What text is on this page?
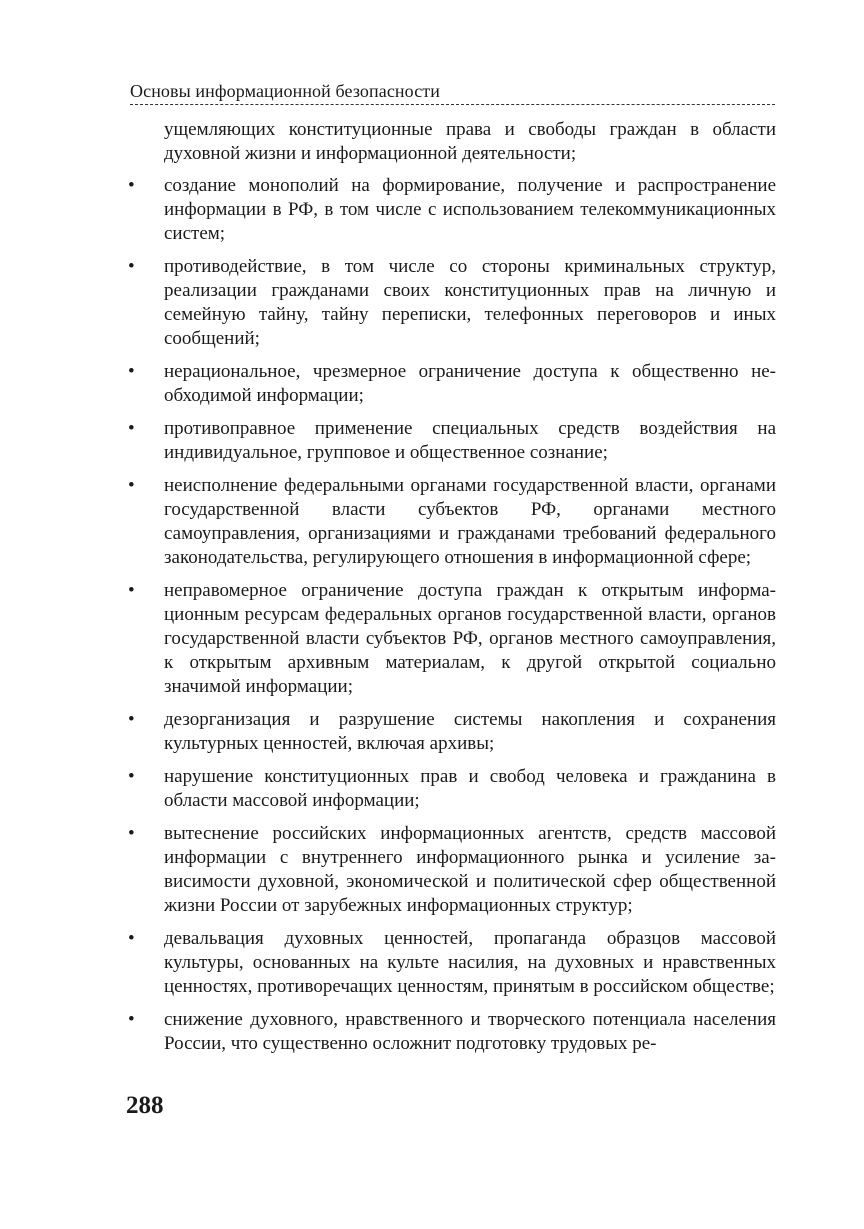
Основы информационной безопасности

ущемляющих конституционные права и свободы граждан в области духовной жизни и информационной деятельности;

•	создание монополий на формирование, получение и распространение информации в РФ, в том числе с использованием телекоммуникационных систем;
•	противодействие, в том числе со стороны криминальных структур, реализации гражданами своих конституционных прав на личную и семейную тайну, тайну переписки, телефонных переговоров и иных сообщений;
•	нерациональное, чрезмерное ограничение доступа к общественно необходимой информации;
•	противоправное применение специальных средств воздействия на индивидуальное, групповое и общественное сознание;
•	неисполнение федеральными органами государственной власти, органами государственной власти субъектов РФ, органами местного самоуправления, организациями и гражданами требований федерального законодательства, регулирующего отношения в информационной сфере;
•	неправомерное ограничение доступа граждан к открытым информационным ресурсам федеральных органов государственной власти, органов государственной власти субъектов РФ, органов местного самоуправления, к открытым архивным материалам, к другой открытой социально значимой информации;
•	дезорганизация и разрушение системы накопления и сохранения культурных ценностей, включая архивы;
•	нарушение конституционных прав и свобод человека и гражданина в области массовой информации;
•	вытеснение российских информационных агентств, средств массовой информации с внутреннего информационного рынка и усиление зависимости духовной, экономической и политической сфер общественной жизни России от зарубежных информационных структур;
•	девальвация духовных ценностей, пропаганда образцов массовой культуры, основанных на культе насилия, на духовных и нравственных ценностях, противоречащих ценностям, принятым в российском обществе;
•	снижение духовного, нравственного и творческого потенциала населения России, что существенно осложнит подготовку трудовых ре-
288
